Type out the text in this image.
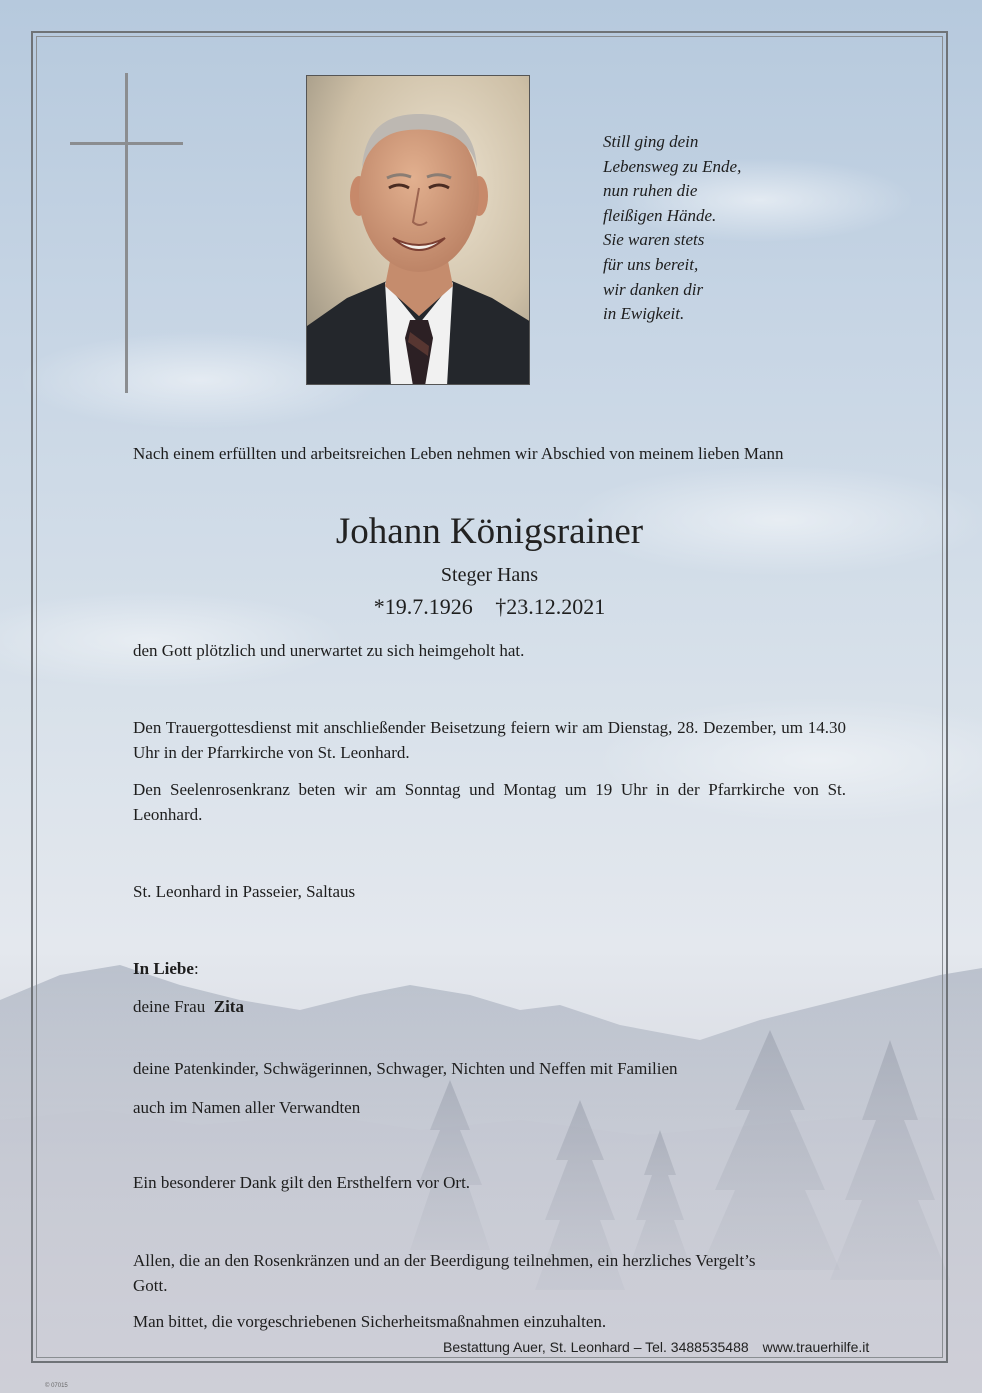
Still ging dein
Lebensweg zu Ende,
nun ruhen die
fleißigen Hände.
Sie waren stets
für uns bereit,
wir danken dir
in Ewigkeit.
Nach einem erfüllten und arbeitsreichen Leben nehmen wir Abschied von meinem lieben Mann
Johann Königsrainer
Steger Hans
*19.7.1926 †23.12.2021
den Gott plötzlich und unerwartet zu sich heimgeholt hat.
Den Trauergottesdienst mit anschließender Beisetzung feiern wir am Dienstag, 28. Dezember, um 14.30 Uhr in der Pfarrkirche von St. Leonhard.
Den Seelenrosenkranz beten wir am Sonntag und Montag um 19 Uhr in der Pfarrkirche von St. Leonhard.
St. Leonhard in Passeier, Saltaus
In Liebe:
deine Frau Zita
deine Patenkinder, Schwägerinnen, Schwager, Nichten und Neffen mit Familien
auch im Namen aller Verwandten
Ein besonderer Dank gilt den Ersthelfern vor Ort.
Allen, die an den Rosenkränzen und an der Beerdigung teilnehmen, ein herzliches Vergelt’s Gott.
Man bittet, die vorgeschriebenen Sicherheitsmaßnahmen einzuhalten.
Bestattung Auer, St. Leonhard – Tel. 3488535488 www.trauerhilfe.it
© 07015
